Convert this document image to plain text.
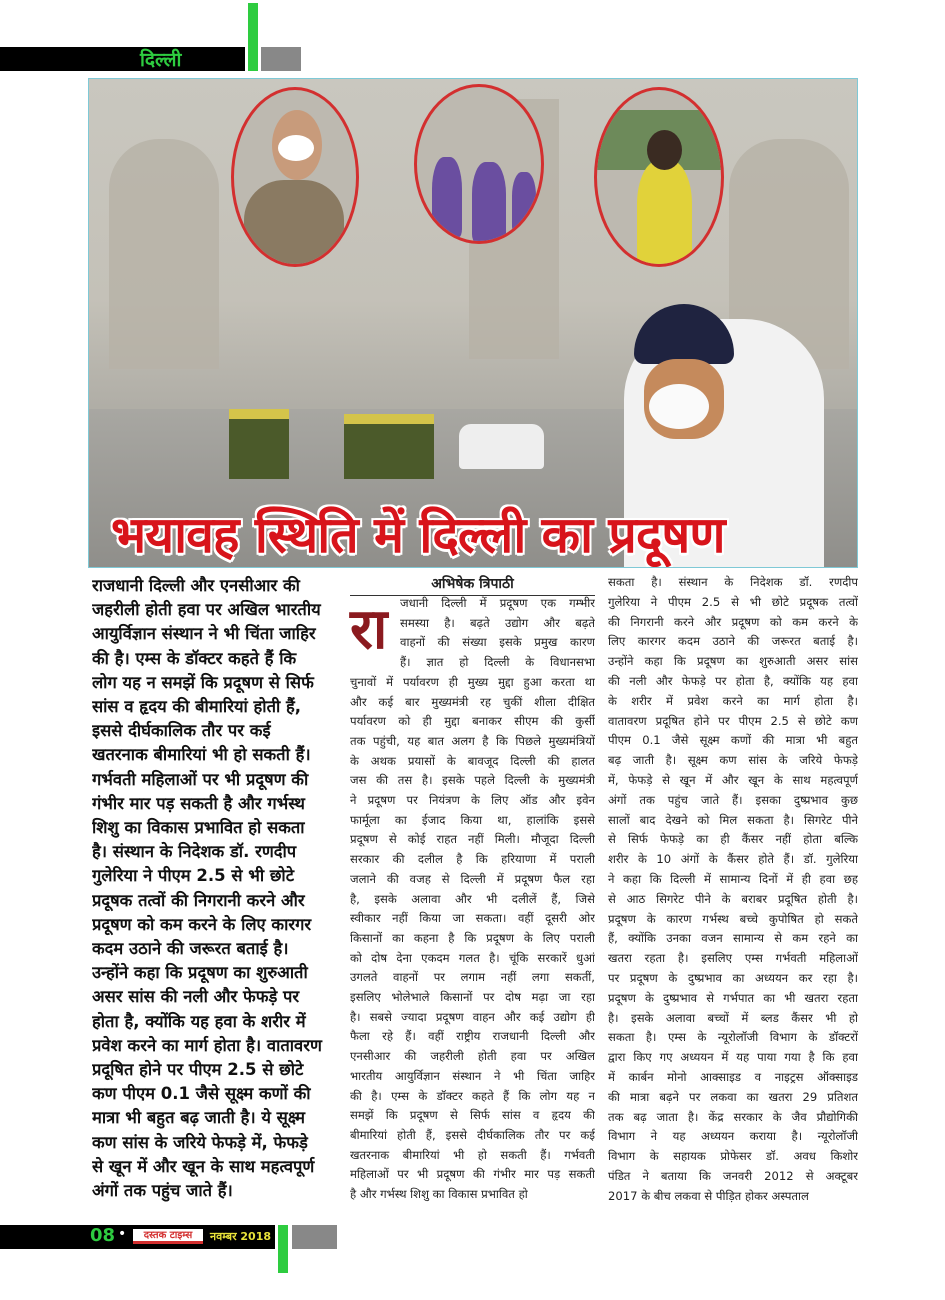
दिल्ली
भयावह स्थिति में दिल्ली का प्रदूषण
राजधानी दिल्ली और एनसीआर की
जहरीली होती हवा पर अखिल भारतीय
आयुर्विज्ञान संस्थान ने भी चिंता जाहिर
की है। एम्स के डॉक्टर कहते हैं कि
लोग यह न समझें कि प्रदूषण से सिर्फ
सांस व हृदय की बीमारियां होती हैं,
इससे दीर्घकालिक तौर पर कई
खतरनाक बीमारियां भी हो सकती हैं।
गर्भवती महिलाओं पर भी प्रदूषण की
गंभीर मार पड़ सकती है और गर्भस्थ
शिशु का विकास प्रभावित हो सकता
है। संस्थान के निदेशक डॉ. रणदीप
गुलेरिया ने पीएम 2.5 से भी छोटे
प्रदूषक तत्वों की निगरानी करने और
प्रदूषण को कम करने के लिए कारगर
कदम उठाने की जरूरत बताई है।
उन्होंने कहा कि प्रदूषण का शुरुआती
असर सांस की नली और फेफड़े पर
होता है, क्योंकि यह हवा के शरीर में
प्रवेश करने का मार्ग होता है। वातावरण
प्रदूषित होने पर पीएम 2.5 से छोटे
कण पीएम 0.1 जैसे सूक्ष्म कणों की
मात्रा भी बहुत बढ़ जाती है। ये सूक्ष्म
कण सांस के जरिये फेफड़े में, फेफड़े
से खून में और खून के साथ महत्वपूर्ण
अंगों तक पहुंच जाते हैं।
अभिषेक त्रिपाठी
रा	जधानी दिल्ली में प्रदूषण एक गम्भीर
समस्या है। बढ़ते उद्योग और बढ़ते
वाहनों की संख्या इसके प्रमुख कारण
हैं। ज्ञात हो दिल्ली के विधानसभा
चुनावों में पर्यावरण ही मुख्य मुद्दा हुआ करता था
और कई बार मुख्यमंत्री रह चुकीं शीला दीक्षित
पर्यावरण को ही मुद्दा बनाकर सीएम की कुर्सी
तक पहुंची, यह बात अलग है कि पिछले मुख्यमंत्रियों
के अथक प्रयासों के बावजूद दिल्ली की हालत
जस की तस है। इसके पहले दिल्ली के मुख्यमंत्री
ने प्रदूषण पर नियंत्रण के लिए ऑड और इवेन
फार्मूला का ईजाद किया था, हालांकि इससे
प्रदूषण से कोई राहत नहीं मिली। मौजूदा दिल्ली
सरकार की दलील है कि हरियाणा में पराली
जलाने की वजह से दिल्ली में प्रदूषण फैल रहा
है, इसके अलावा और भी दलीलें हैं, जिसे
स्वीकार नहीं किया जा सकता। वहीं दूसरी ओर
किसानों का कहना है कि प्रदूषण के लिए पराली
को दोष देना एकदम गलत है। चूंकि सरकारें धुआं
उगलते वाहनों पर लगाम नहीं लगा सकतीं,
इसलिए भोलेभाले किसानों पर दोष मढ़ा जा रहा
है। सबसे ज्यादा प्रदूषण वाहन और कई उद्योग ही
फैला रहे हैं। वहीं राष्ट्रीय राजधानी दिल्ली और
एनसीआर की जहरीली होती हवा पर अखिल
भारतीय आयुर्विज्ञान संस्थान ने भी चिंता जाहिर
की है। एम्स के डॉक्टर कहते हैं कि लोग यह न
समझें कि प्रदूषण से सिर्फ सांस व हृदय की
बीमारियां होती हैं, इससे दीर्घकालिक तौर पर कई
खतरनाक बीमारियां भी हो सकती हैं। गर्भवती
महिलाओं पर भी प्रदूषण की गंभीर मार पड़ सकती
है और गर्भस्थ शिशु का विकास प्रभावित हो
सकता है। संस्थान के निदेशक डॉ. रणदीप
गुलेरिया ने पीएम 2.5 से भी छोटे प्रदूषक तत्वों
की निगरानी करने और प्रदूषण को कम करने के
लिए कारगर कदम उठाने की जरूरत बताई है।
उन्होंने कहा कि प्रदूषण का शुरुआती असर सांस
की नली और फेफड़े पर होता है, क्योंकि यह हवा
के शरीर में प्रवेश करने का मार्ग होता है।
वातावरण प्रदूषित होने पर पीएम 2.5 से छोटे कण
पीएम 0.1 जैसे सूक्ष्म कणों की मात्रा भी बहुत
बढ़ जाती है। सूक्ष्म कण सांस के जरिये फेफड़े
में, फेफड़े से खून में और खून के साथ महत्वपूर्ण
अंगों तक पहुंच जाते हैं। इसका दुष्प्रभाव कुछ
सालों बाद देखने को मिल सकता है। सिगरेट पीने
से सिर्फ फेफड़े का ही कैंसर नहीं होता बल्कि
शरीर के 10 अंगों के कैंसर होते हैं। डॉ. गुलेरिया
ने कहा कि दिल्ली में सामान्य दिनों में ही हवा छह
से आठ सिगरेट पीने के बराबर प्रदूषित होती है।
प्रदूषण के कारण गर्भस्थ बच्चे कुपोषित हो सकते
हैं, क्योंकि उनका वजन सामान्य से कम रहने का
खतरा रहता है। इसलिए एम्स गर्भवती महिलाओं
पर प्रदूषण के दुष्प्रभाव का अध्ययन कर रहा है।
प्रदूषण के दुष्प्रभाव से गर्भपात का भी खतरा रहता
है। इसके अलावा बच्चों में ब्लड कैंसर भी हो
सकता है। एम्स के न्यूरोलॉजी विभाग के डॉक्टरों
द्वारा किए गए अध्ययन में यह पाया गया है कि हवा
में कार्बन मोनो आक्साइड व नाइट्रस ऑक्साइड
की मात्रा बढ़ने पर लकवा का खतरा 29 प्रतिशत
तक बढ़ जाता है। केंद्र सरकार के जैव प्रौद्योगिकी
विभाग ने यह अध्ययन कराया है। न्यूरोलॉजी
विभाग के सहायक प्रोफेसर डॉ. अवध किशोर
पंडित ने बताया कि जनवरी 2012 से अक्टूबर
2017 के बीच लकवा से पीड़ित होकर अस्पताल
08 •	दस्तक टाइम्स	नवम्बर 2018
